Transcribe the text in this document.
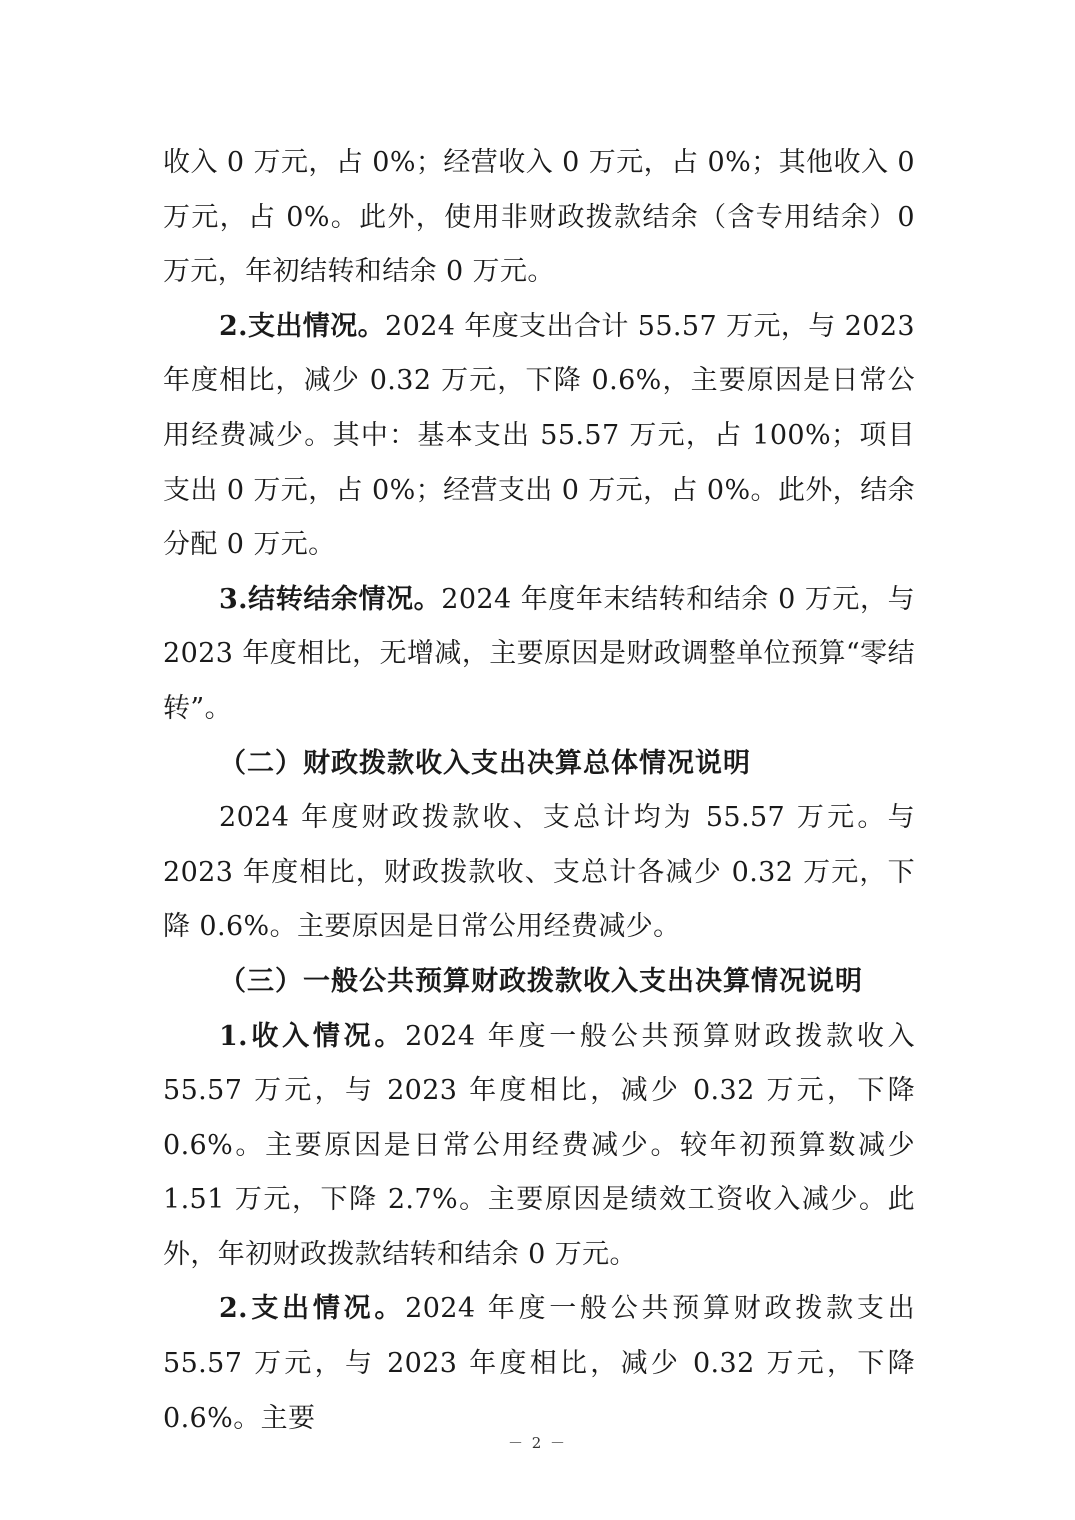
收入 0 万元，占 0%；经营收入 0 万元，占 0%；其他收入 0 万元，占 0%。此外，使用非财政拨款结余（含专用结余）0 万元，年初结转和结余 0 万元。

2.支出情况。2024 年度支出合计 55.57 万元，与 2023 年度相比，减少 0.32 万元，下降 0.6%，主要原因是日常公用经费减少。其中：基本支出 55.57 万元，占 100%；项目支出 0 万元，占 0%；经营支出 0 万元，占 0%。此外，结余分配 0 万元。

3.结转结余情况。2024 年度年末结转和结余 0 万元，与 2023 年度相比，无增减，主要原因是财政调整单位预算“零结转”。

（二）财政拨款收入支出决算总体情况说明

2024 年度财政拨款收、支总计均为 55.57 万元。与 2023 年度相比，财政拨款收、支总计各减少 0.32 万元，下降 0.6%。主要原因是日常公用经费减少。

（三）一般公共预算财政拨款收入支出决算情况说明

1.收入情况。2024 年度一般公共预算财政拨款收入 55.57 万元，与 2023 年度相比，减少 0.32 万元，下降 0.6%。主要原因是日常公用经费减少。较年初预算数减少 1.51 万元，下降 2.7%。主要原因是绩效工资收入减少。此外，年初财政拨款结转和结余 0 万元。

2.支出情况。2024 年度一般公共预算财政拨款支出 55.57 万元，与 2023 年度相比，减少 0.32 万元，下降 0.6%。主要

－ 2 －
